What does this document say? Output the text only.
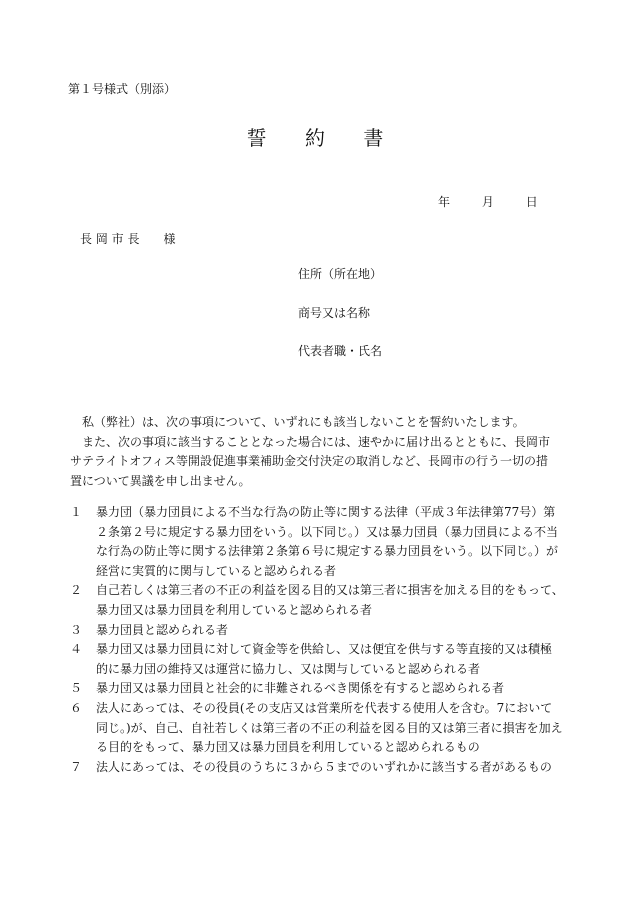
第１号様式（別添）
誓 約 書
年	月	日
長 岡 市 長　　様
住所（所在地）
商号又は名称
代表者職・氏名
　私（弊社）は、次の事項について、いずれにも該当しないことを誓約いたします。
　また、次の事項に該当することとなった場合には、速やかに届け出るとともに、長岡市
サテライトオフィス等開設促進事業補助金交付決定の取消しなど、長岡市の行う一切の措
置について異議を申し出ません。
１ 暴力団（暴力団員による不当な行為の防止等に関する法律（平成３年法律第77号）第
２条第２号に規定する暴力団をいう。以下同じ。）又は暴力団員（暴力団員による不当
な行為の防止等に関する法律第２条第６号に規定する暴力団員をいう。以下同じ。）が
経営に実質的に関与していると認められる者
２ 自己若しくは第三者の不正の利益を図る目的又は第三者に損害を加える目的をもって、
暴力団又は暴力団員を利用していると認められる者
３ 暴力団員と認められる者
４ 暴力団又は暴力団員に対して資金等を供給し、又は便宜を供与する等直接的又は積極
的に暴力団の維持又は運営に協力し、又は関与していると認められる者
５ 暴力団又は暴力団員と社会的に非難されるべき関係を有すると認められる者
６ 法人にあっては、その役員(その支店又は営業所を代表する使用人を含む。7において
同じ。)が、自己、自社若しくは第三者の不正の利益を図る目的又は第三者に損害を加え
る目的をもって、暴力団又は暴力団員を利用していると認められるもの
７ 法人にあっては、その役員のうちに３から５までのいずれかに該当する者があるもの
